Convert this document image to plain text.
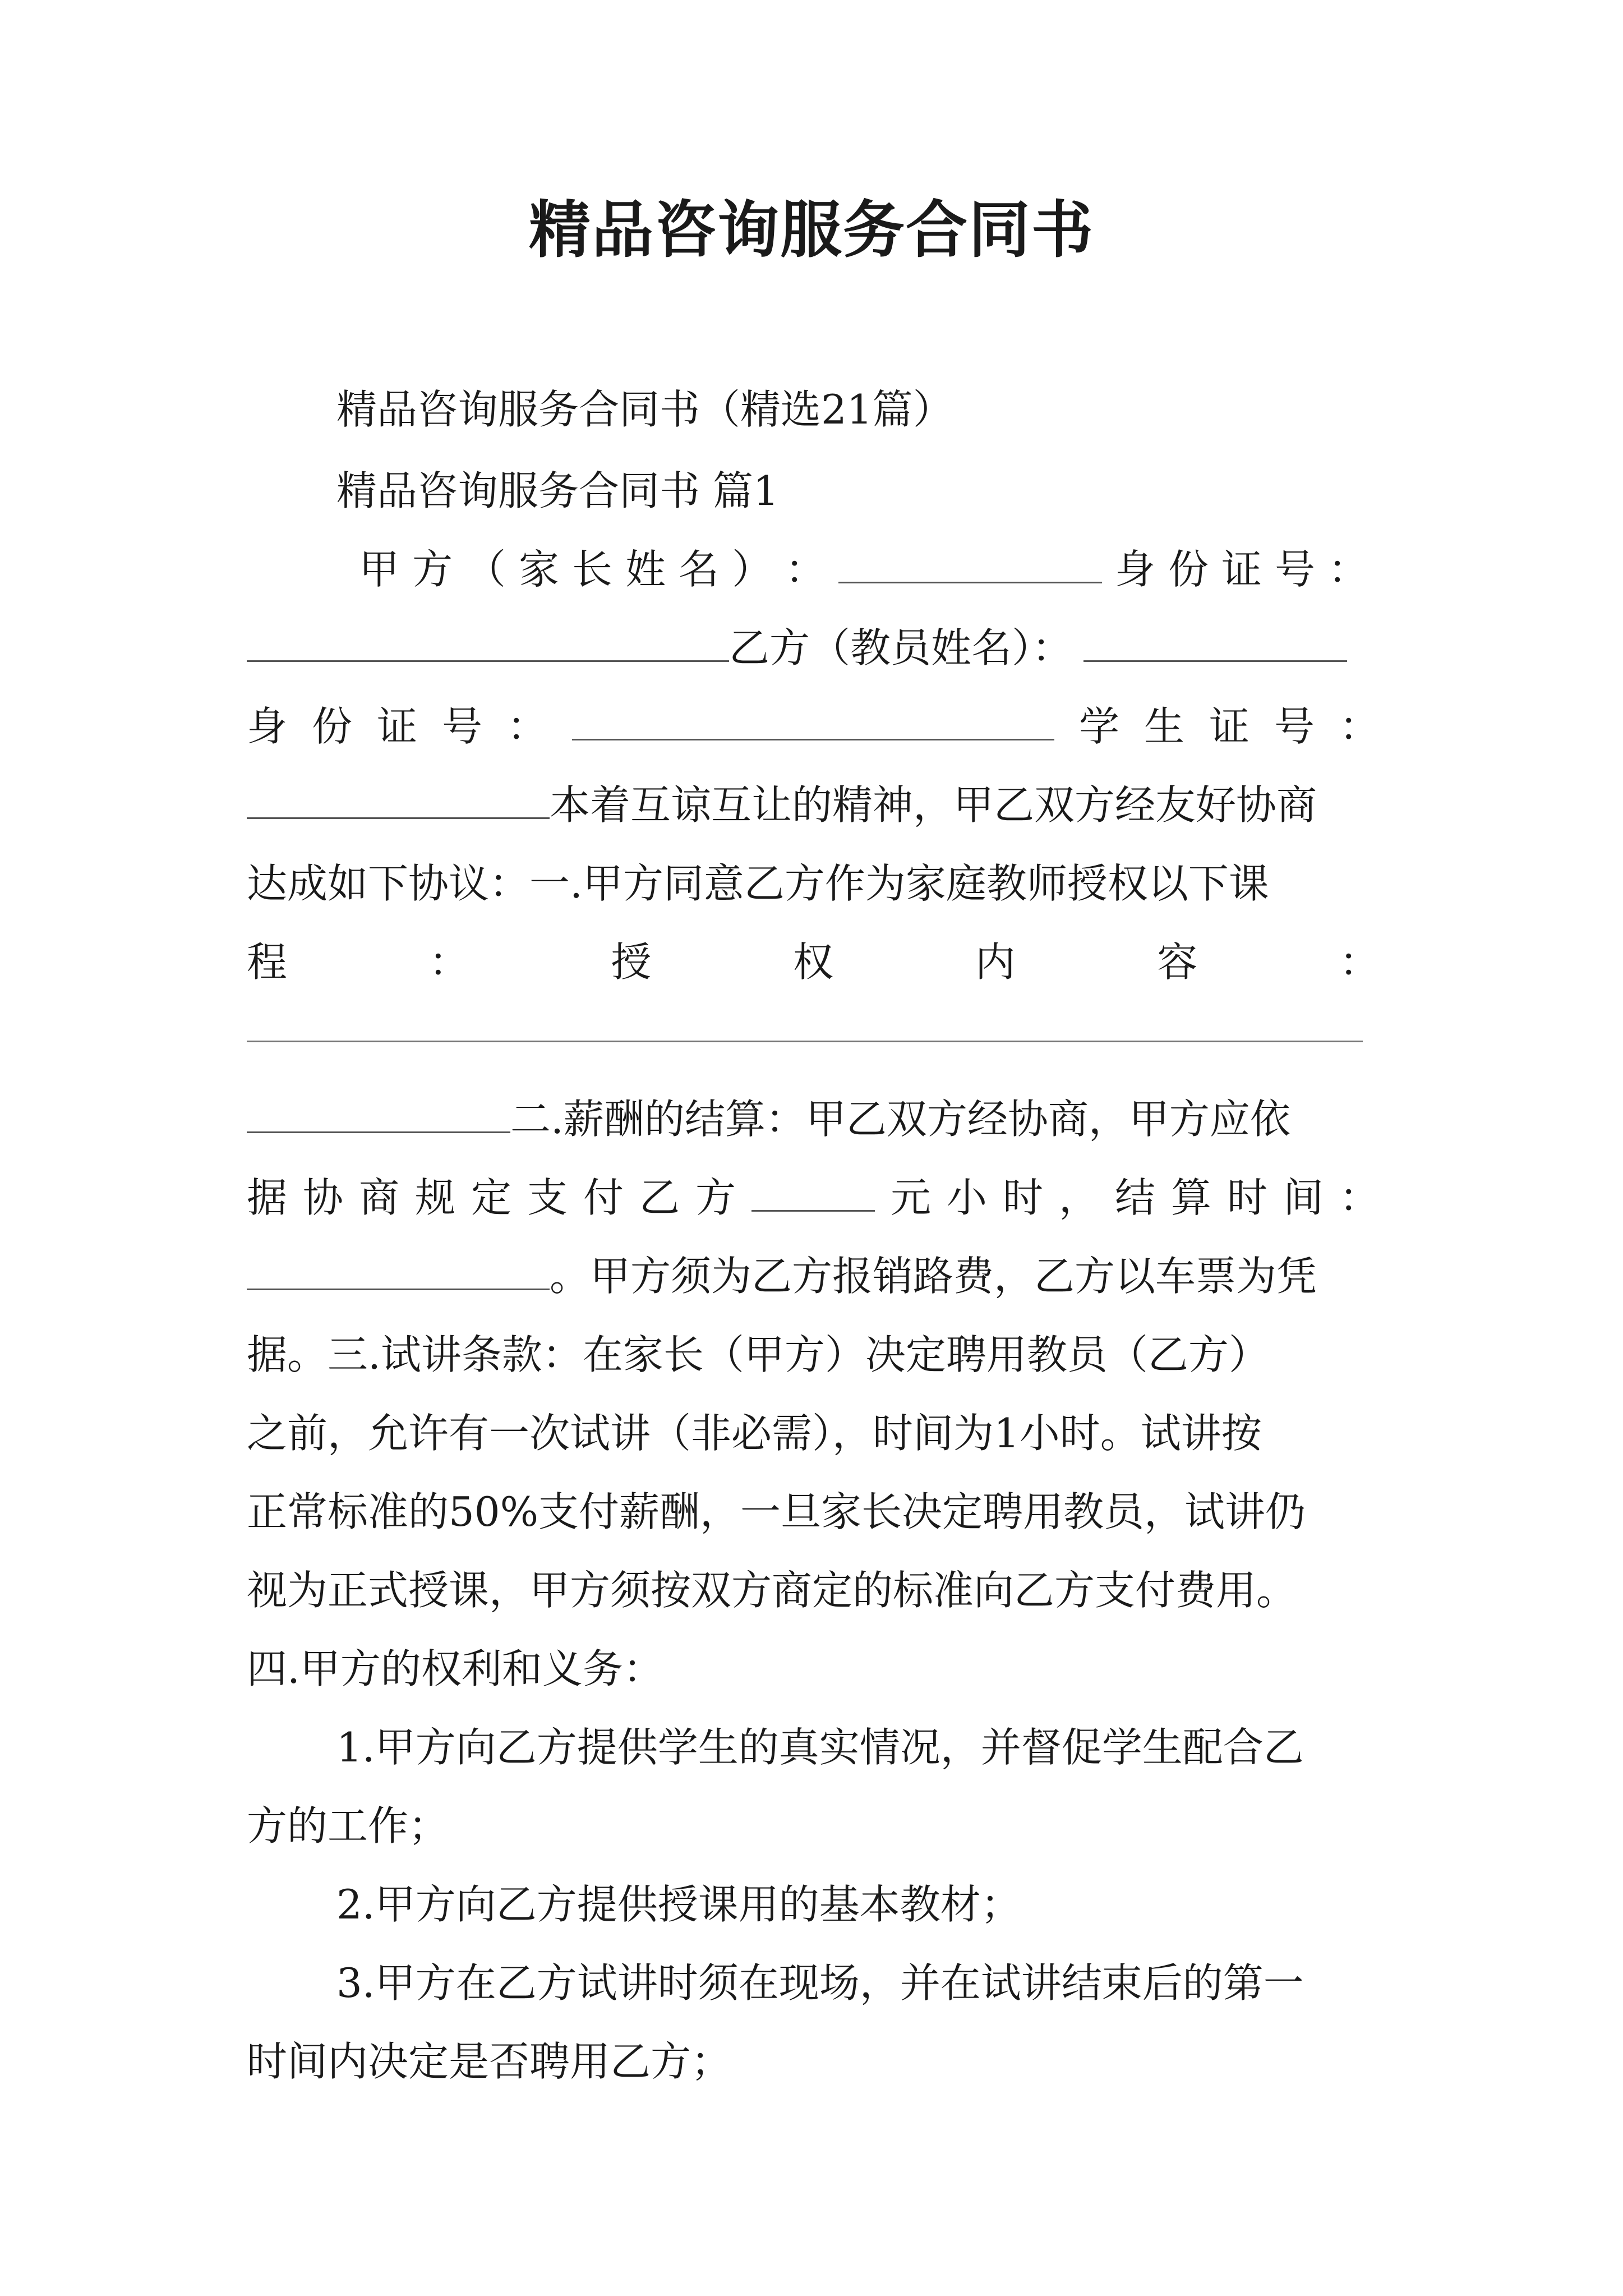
精品咨询服务合同书
精品咨询服务合同书（精选21篇）
精品咨询服务合同书 篇1
甲 方 （ 家 长 姓 名 ） ：	身 份 证 号 ：
乙方（教员姓名）：
身 份 证 号 ：	学 生 证 号 ：
本着互谅互让的精神，甲乙双方经友好协商
达成如下协议：一.甲方同意乙方作为家庭教师授权以下课
程	：	授	权	内	容	：
二.薪酬的结算：甲乙双方经协商，甲方应依
据 协 商 规 定 支 付 乙 方	元 小 时 ， 结 算 时 间 ：
。甲方须为乙方报销路费，乙方以车票为凭
据。三.试讲条款：在家长（甲方）决定聘用教员（乙方）
之前，允许有一次试讲（非必需），时间为1小时。试讲按
正常标准的50%支付薪酬，一旦家长决定聘用教员，试讲仍
视为正式授课，甲方须按双方商定的标准向乙方支付费用。
四.甲方的权利和义务：
1.甲方向乙方提供学生的真实情况，并督促学生配合乙
方的工作；
2.甲方向乙方提供授课用的基本教材；
3.甲方在乙方试讲时须在现场，并在试讲结束后的第一
时间内决定是否聘用乙方；
